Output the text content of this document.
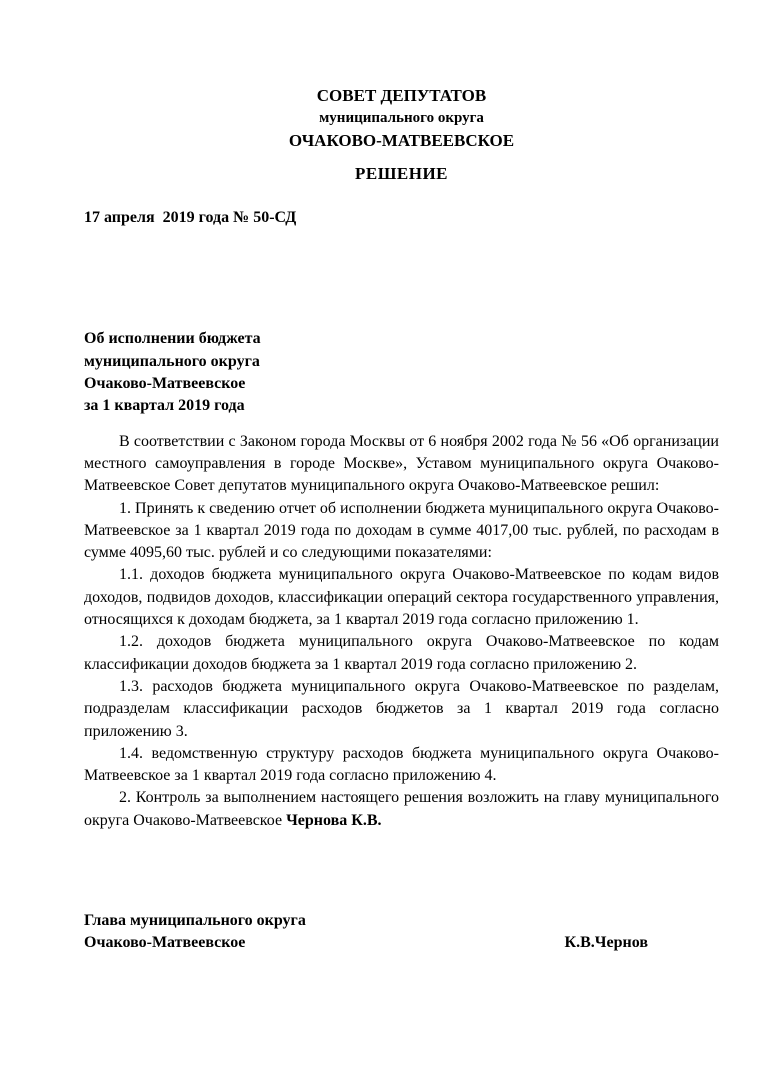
СОВЕТ ДЕПУТАТОВ
муниципального округа
ОЧАКОВО-МАТВЕЕВСКОЕ
РЕШЕНИЕ
17 апреля  2019 года № 50-СД
Об исполнении бюджета
муниципального округа
Очаково-Матвеевское
за 1 квартал 2019 года

В соответствии с Законом города Москвы от 6 ноября 2002 года № 56 «Об организации местного самоуправления в городе Москве», Уставом муниципального округа Очаково-Матвеевское Совет депутатов муниципального округа Очаково-Матвеевское решил:

1. Принять к сведению отчет об исполнении бюджета муниципального округа Очаково-Матвеевское за 1 квартал 2019 года по доходам в сумме 4017,00 тыс. рублей, по расходам в сумме 4095,60 тыс. рублей и со следующими показателями:

1.1. доходов бюджета муниципального округа Очаково-Матвеевское по кодам видов доходов, подвидов доходов, классификации операций сектора государственного управления, относящихся к доходам бюджета, за 1 квартал 2019 года согласно приложению 1.

1.2. доходов бюджета муниципального округа Очаково-Матвеевское по кодам классификации доходов бюджета за 1 квартал 2019 года согласно приложению 2.

1.3. расходов бюджета муниципального округа Очаково-Матвеевское по разделам, подразделам классификации расходов бюджетов за 1 квартал 2019 года согласно приложению 3.

1.4. ведомственную структуру расходов бюджета муниципального округа Очаково-Матвеевское за 1 квартал 2019 года согласно приложению 4.

2. Контроль за выполнением настоящего решения возложить на главу муниципального округа Очаково-Матвеевское Чернова К.В.

Глава муниципального округа
Очаково-Матвеевское	К.В.Чернов
